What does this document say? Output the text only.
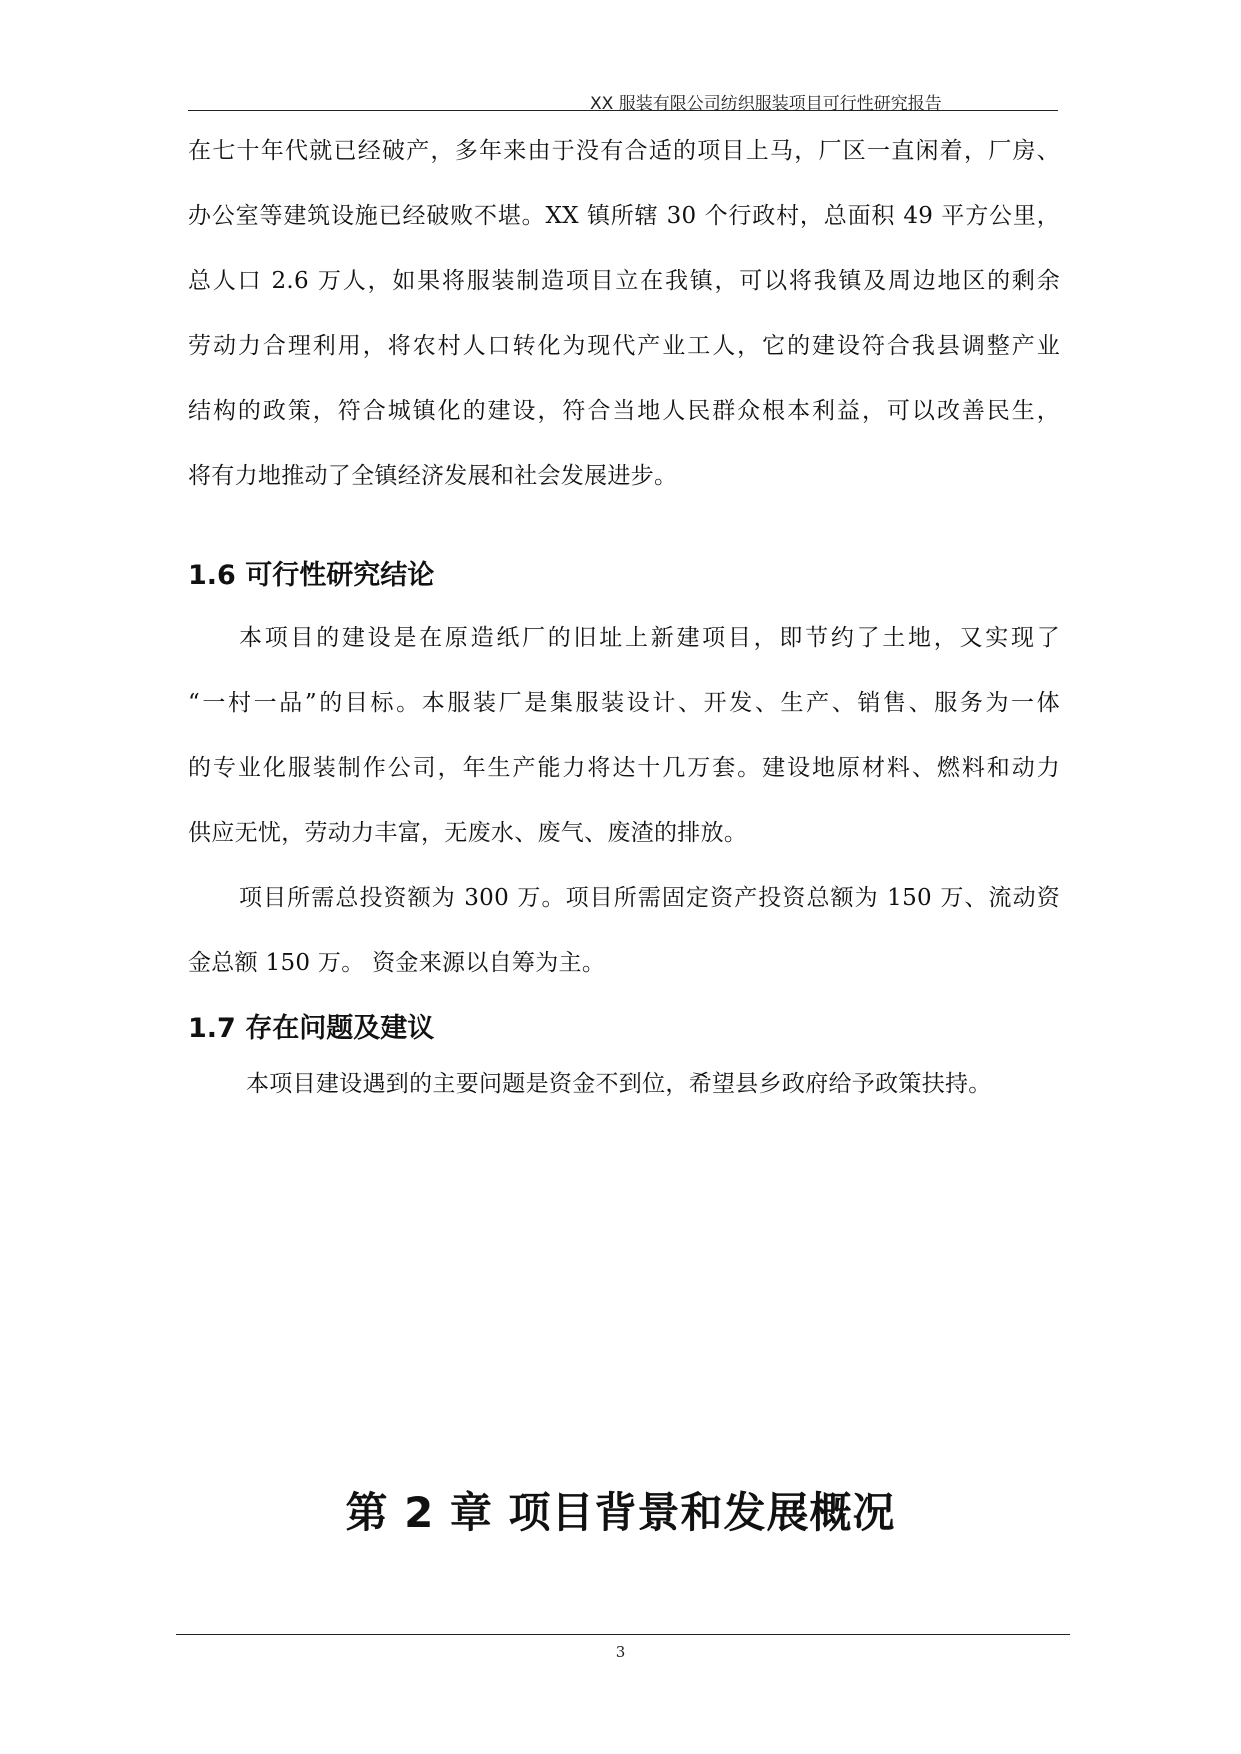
XX 服装有限公司纺织服装项目可行性研究报告
在七十年代就已经破产，多年来由于没有合适的项目上马，厂区一直闲着，厂房、
办公室等建筑设施已经破败不堪。XX 镇所辖 30 个行政村，总面积 49 平方公里，
总人口 2.6 万人，如果将服装制造项目立在我镇，可以将我镇及周边地区的剩余
劳动力合理利用，将农村人口转化为现代产业工人，它的建设符合我县调整产业
结构的政策，符合城镇化的建设，符合当地人民群众根本利益，可以改善民生，
将有力地推动了全镇经济发展和社会发展进步。
1.6 可行性研究结论
本项目的建设是在原造纸厂的旧址上新建项目，即节约了土地，又实现了
“一村一品”的目标。本服装厂是集服装设计、开发、生产、销售、服务为一体
的专业化服装制作公司，年生产能力将达十几万套。建设地原材料、燃料和动力
供应无忧，劳动力丰富，无废水、废气、废渣的排放。
项目所需总投资额为 300 万。项目所需固定资产投资总额为 150 万、流动资
金总额 150 万。 资金来源以自筹为主。
1.7 存在问题及建议
本项目建设遇到的主要问题是资金不到位，希望县乡政府给予政策扶持。
第 2 章 项目背景和发展概况
3
